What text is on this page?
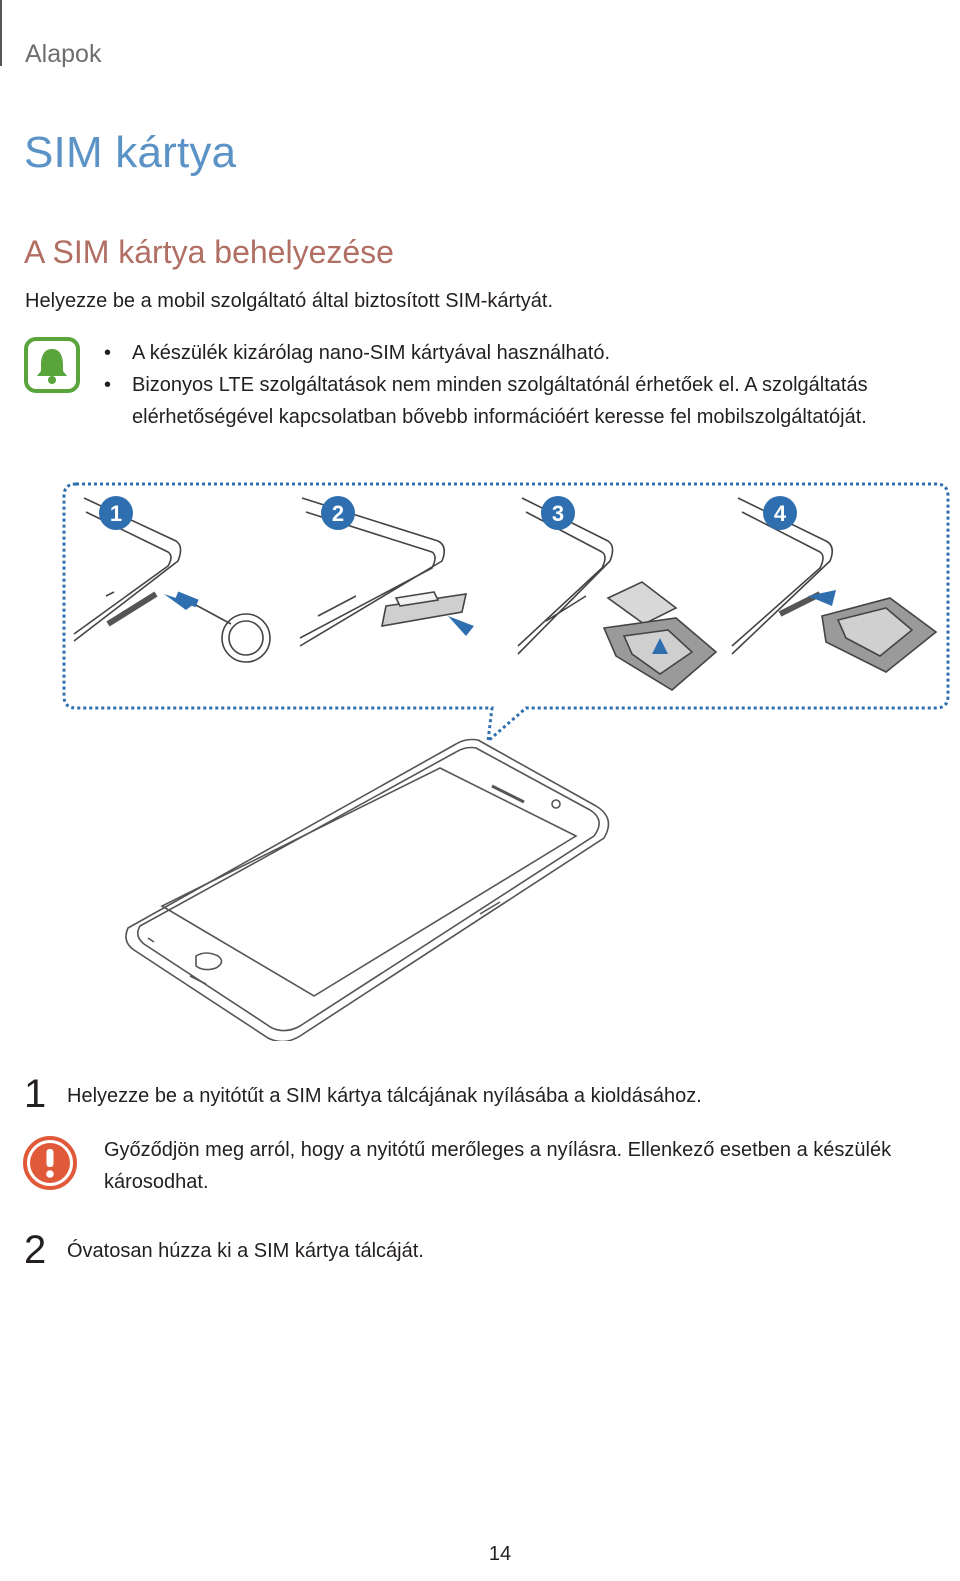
Alapok
SIM kártya
A SIM kártya behelyezése
Helyezze be a mobil szolgáltató által biztosított SIM-kártyát.
• A készülék kizárólag nano-SIM kártyával használható.
• Bizonyos LTE szolgáltatások nem minden szolgáltatónál érhetőek el. A szolgáltatás elérhetőségével kapcsolatban bővebb információért keresse fel mobilszolgáltatóját.
1	2	3	4
1 Helyezze be a nyitótűt a SIM kártya tálcájának nyílásába a kioldásához.
Győződjön meg arról, hogy a nyitótű merőleges a nyílásra. Ellenkező esetben a készülék károsodhat.
2 Óvatosan húzza ki a SIM kártya tálcáját.
14
